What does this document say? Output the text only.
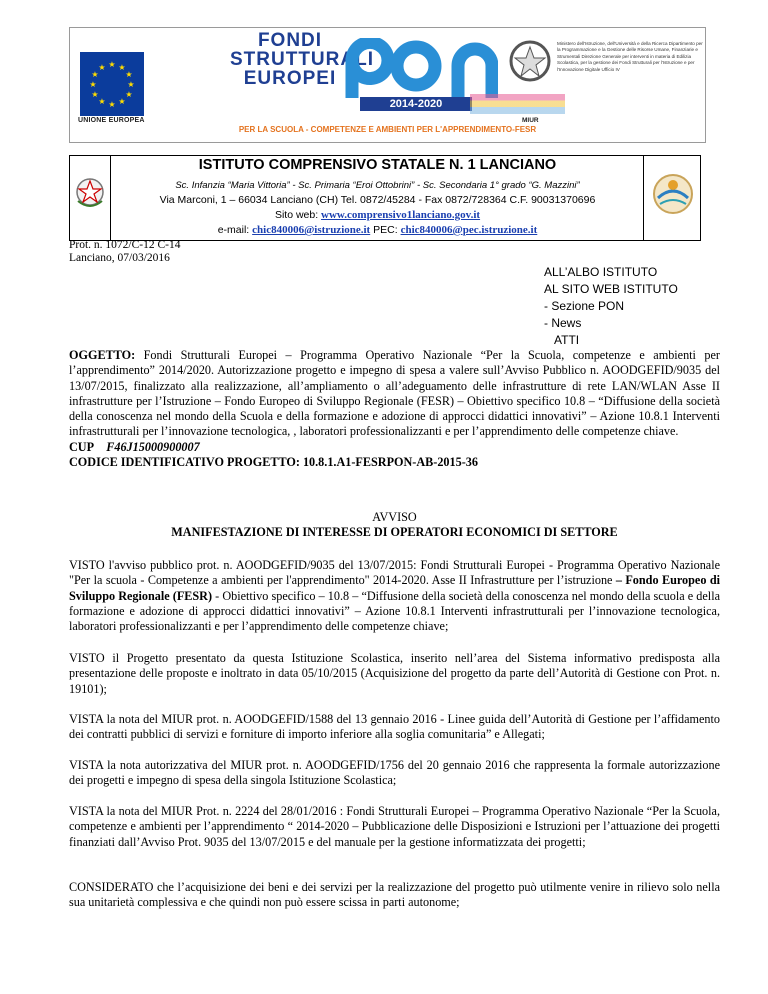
★ ★
★
★
★
★
★
★
★
★
★
★
UNIONE EUROPEA
FONDI
STRUTTURALI
EUROPEI
2014-2020
MIUR
Ministero dell'Istruzione, dell'Università e della Ricerca Dipartimento per la Programmazione e la Gestione delle Risorse Umane, Finanziarie e Strumentali Direzione Generale per interventi in materia di Edilizia Scolastica, per la gestione dei Fondi Strutturali per l'Istruzione e per l'Innovazione Digitale Ufficio IV
PER LA SCUOLA - COMPETENZE E AMBIENTI PER L'APPRENDIMENTO-FESR
ISTITUTO COMPRENSIVO STATALE N. 1 LANCIANO
Sc. Infanzia “Maria Vittoria” - Sc. Primaria “Eroi Ottobrini” - Sc. Secondaria 1° grado “G. Mazzini”
Via Marconi, 1 – 66034 Lanciano (CH) Tel. 0872/45284 - Fax 0872/728364 C.F. 90031370696
Sito web: www.comprensivo1lanciano.gov.it
e-mail: chic840006@istruzione.it PEC: chic840006@pec.istruzione.it
Prot. n. 1072/C-12 C-14
Lanciano, 07/03/2016
ALL’ALBO ISTITUTO
AL SITO WEB ISTITUTO
- Sezione PON
- News
ATTI
OGGETTO: Fondi Strutturali Europei – Programma Operativo Nazionale “Per la Scuola, competenze e ambienti per l’apprendimento” 2014/2020. Autorizzazione progetto e impegno di spesa a valere sull’Avviso Pubblico n. AOODGEFID/9035 del 13/07/2015, finalizzato alla realizzazione, all’ampliamento o all’adeguamento delle infrastrutture di rete LAN/WLAN Asse II infrastrutture per l’Istruzione – Fondo Europeo di Sviluppo Regionale (FESR) – Obiettivo specifico 10.8 – “Diffusione della società della conoscenza nel mondo della Scuola e della formazione e adozione di approcci didattici innovativi” – Azione 10.8.1 Interventi infrastrutturali per l’innovazione tecnologica, , laboratori professionalizzanti e per l’apprendimento delle competenze chiave.
CUP F46J15000900007
CODICE IDENTIFICATIVO PROGETTO: 10.8.1.A1-FESRPON-AB-2015-36
AVVISO
MANIFESTAZIONE DI INTERESSE DI OPERATORI ECONOMICI DI SETTORE
VISTO l'avviso pubblico prot. n. AOODGEFID/9035 del 13/07/2015: Fondi Strutturali Europei - Programma Operativo Nazionale "Per la scuola - Competenze a ambienti per l'apprendimento" 2014-2020. Asse II Infrastrutture per l’istruzione – Fondo Europeo di Sviluppo Regionale (FESR) - Obiettivo specifico – 10.8 – “Diffusione della società della conoscenza nel mondo della scuola e della formazione e adozione di approcci didattici innovativi” – Azione 10.8.1 Interventi infrastrutturali per l’innovazione tecnologica, laboratori professionalizzanti e per l’apprendimento delle competenze chiave;
VISTO il Progetto presentato da questa Istituzione Scolastica, inserito nell’area del Sistema informativo predisposta alla presentazione delle proposte e inoltrato in data 05/10/2015 (Acquisizione del progetto da parte dell’Autorità di Gestione con Prot. n. 19101);
VISTA la nota del MIUR prot. n. AOODGEFID/1588 del 13 gennaio 2016 - Linee guida dell’Autorità di Gestione per l’affidamento dei contratti pubblici di servizi e forniture di importo inferiore alla soglia comunitaria” e Allegati;
VISTA la nota autorizzativa del MIUR prot. n. AOODGEFID/1756 del 20 gennaio 2016 che rappresenta la formale autorizzazione dei progetti e impegno di spesa della singola Istituzione Scolastica;
VISTA la nota del MIUR Prot. n. 2224 del 28/01/2016 : Fondi Strutturali Europei – Programma Operativo Nazionale “Per la Scuola, competenze e ambienti per l’apprendimento “ 2014-2020 – Pubblicazione delle Disposizioni e Istruzioni per l’attuazione dei progetti finanziati dall’Avviso Prot. 9035 del 13/07/2015 e del manuale per la gestione informatizzata dei progetti;
CONSIDERATO che l’acquisizione dei beni e dei servizi per la realizzazione del progetto può utilmente venire in rilievo solo nella sua unitarietà complessiva e che quindi non può essere scissa in parti autonome;
